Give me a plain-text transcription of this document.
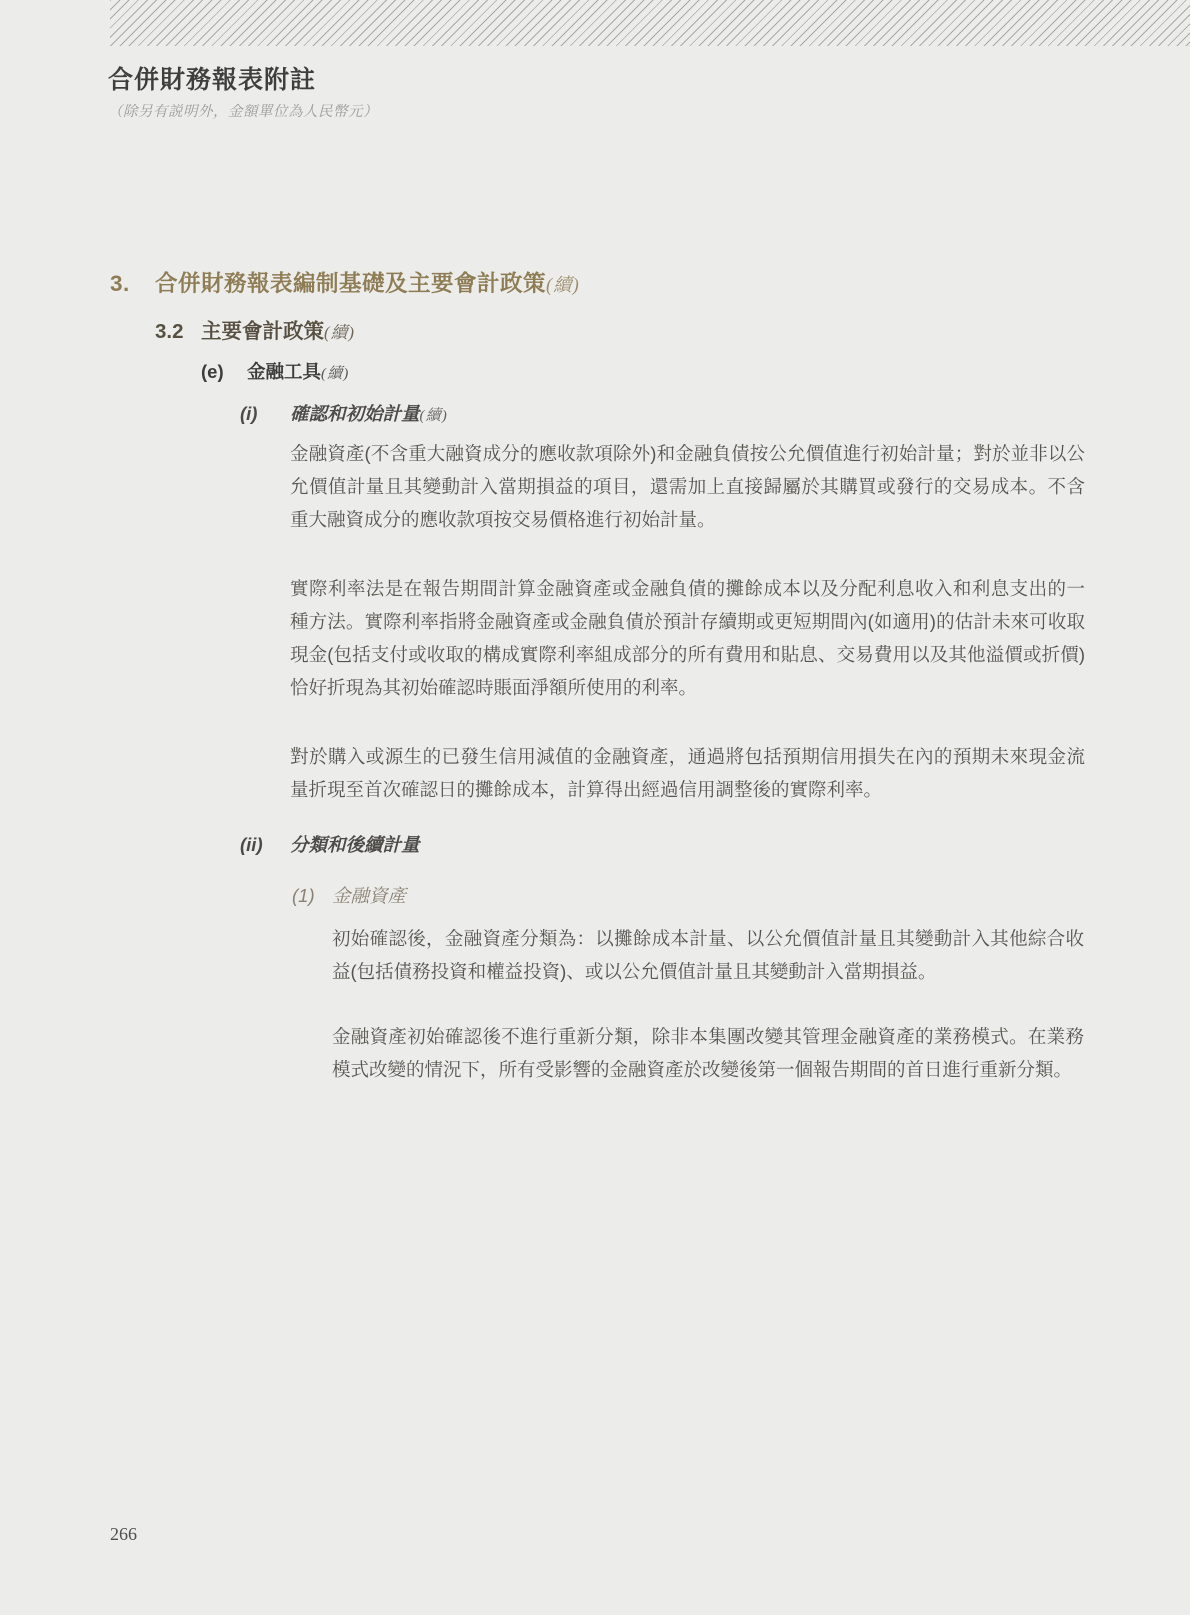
合併財務報表附註
（除另有説明外，金額單位為人民幣元）
3.	合併財務報表編制基礎及主要會計政策(續)
3.2 主要會計政策(續)
(e)	金融工具(續)
(i)	確認和初始計量(續)

金融資產(不含重大融資成分的應收款項除外)和金融負債按公允價值進行初始計量；對於並非以公允價值計量且其變動計入當期損益的項目，還需加上直接歸屬於其購買或發行的交易成本。不含重大融資成分的應收款項按交易價格進行初始計量。

實際利率法是在報告期間計算金融資產或金融負債的攤餘成本以及分配利息收入和利息支出的一種方法。實際利率指將金融資產或金融負債於預計存續期或更短期間內(如適用)的估計未來可收取現金(包括支付或收取的構成實際利率組成部分的所有費用和貼息、交易費用以及其他溢價或折價)恰好折現為其初始確認時賬面淨額所使用的利率。

對於購入或源生的已發生信用減值的金融資產，通過將包括預期信用損失在內的預期未來現金流量折現至首次確認日的攤餘成本，計算得出經過信用調整後的實際利率。

(ii)	分類和後續計量
(1) 金融資產

初始確認後，金融資產分類為：以攤餘成本計量、以公允價值計量且其變動計入其他綜合收益(包括債務投資和權益投資)、或以公允價值計量且其變動計入當期損益。

金融資產初始確認後不進行重新分類，除非本集團改變其管理金融資產的業務模式。在業務模式改變的情況下，所有受影響的金融資產於改變後第一個報告期間的首日進行重新分類。

266
